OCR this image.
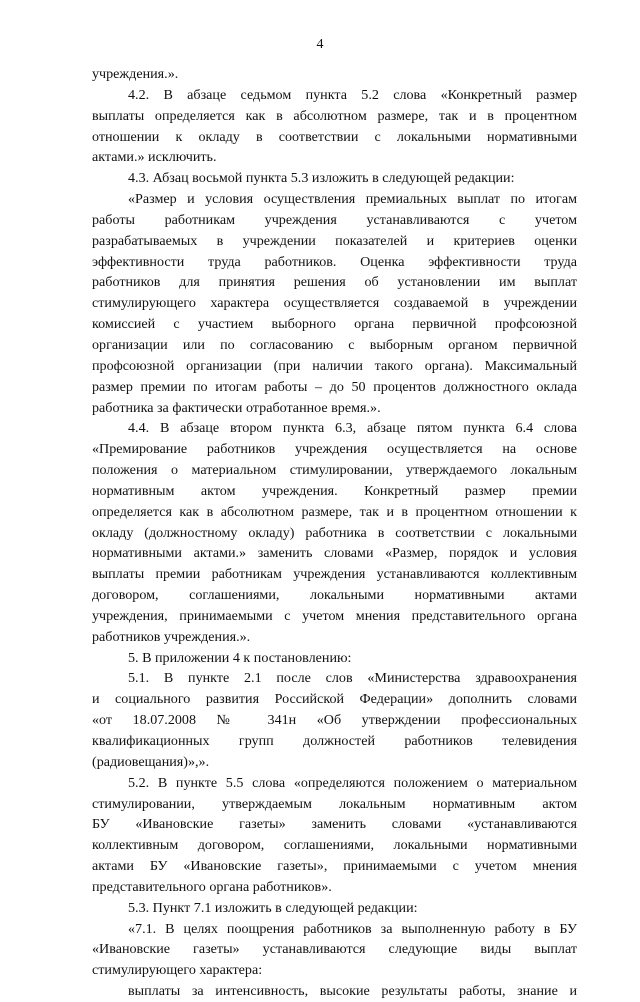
4
учреждения.».
4.2. В абзаце седьмом пункта 5.2 слова «Конкретный размер
выплаты определяется как в абсолютном размере, так и в процентном
отношении к окладу в соответствии с локальными нормативными
актами.» исключить.
4.3. Абзац восьмой пункта 5.3 изложить в следующей редакции:
«Размер и условия осуществления премиальных выплат по итогам
работы работникам учреждения устанавливаются с учетом
разрабатываемых в учреждении показателей и критериев оценки
эффективности труда работников. Оценка эффективности труда
работников для принятия решения об установлении им выплат
стимулирующего характера осуществляется создаваемой в учреждении
комиссией с участием выборного органа первичной профсоюзной
организации или по согласованию с выборным органом первичной
профсоюзной организации (при наличии такого органа). Максимальный
размер премии по итогам работы – до 50 процентов должностного оклада
работника за фактически отработанное время.».
4.4. В абзаце втором пункта 6.3, абзаце пятом пункта 6.4 слова
«Премирование работников учреждения осуществляется на основе
положения о материальном стимулировании, утверждаемого локальным
нормативным актом учреждения. Конкретный размер премии
определяется как в абсолютном размере, так и в процентном отношении к
окладу (должностному окладу) работника в соответствии с локальными
нормативными актами.» заменить словами «Размер, порядок и условия
выплаты премии работникам учреждения устанавливаются коллективным
договором, соглашениями, локальными нормативными актами
учреждения, принимаемыми с учетом мнения представительного органа
работников учреждения.».
5. В приложении 4 к постановлению:
5.1. В пункте 2.1 после слов «Министерства здравоохранения
и социального развития Российской Федерации» дополнить словами
«от 18.07.2008 № 341н «Об утверждении профессиональных
квалификационных групп должностей работников телевидения
(радиовещания)»,».
5.2. В пункте 5.5 слова «определяются положением о материальном
стимулировании, утверждаемым локальным нормативным актом
БУ «Ивановские газеты» заменить словами «устанавливаются
коллективным договором, соглашениями, локальными нормативными
актами БУ «Ивановские газеты», принимаемыми с учетом мнения
представительного органа работников».
5.3. Пункт 7.1 изложить в следующей редакции:
«7.1. В целях поощрения работников за выполненную работу в БУ
«Ивановские газеты» устанавливаются следующие виды выплат
стимулирующего характера:
выплаты за интенсивность, высокие результаты работы, знание и
